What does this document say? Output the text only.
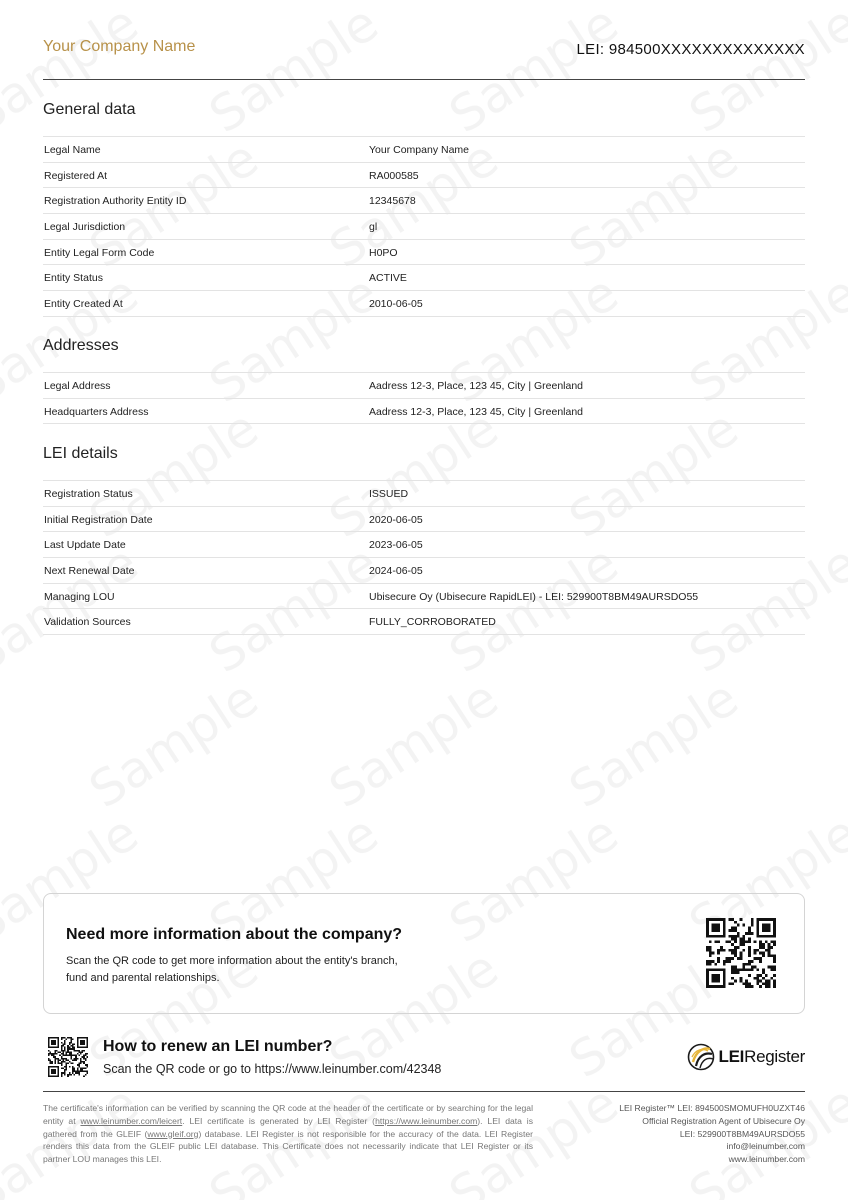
Your Company Name	LEI: 984500XXXXXXXXXXXXXX
General data
Legal Name	Your Company Name
Registered At	RA000585
Registration Authority Entity ID	12345678
Legal Jurisdiction	gl
Entity Legal Form Code	H0PO
Entity Status	ACTIVE
Entity Created At	2010-06-05
Addresses
Legal Address	Aadress 12-3, Place, 123 45, City | Greenland
Headquarters Address	Aadress 12-3, Place, 123 45, City | Greenland
LEI details
Registration Status	ISSUED
Initial Registration Date	2020-06-05
Last Update Date	2023-06-05
Next Renewal Date	2024-06-05
Managing LOU	Ubisecure Oy (Ubisecure RapidLEI) - LEI: 529900T8BM49AURSDO55
Validation Sources	FULLY_CORROBORATED
Need more information about the company?
Scan the QR code to get more information about the entity's branch, fund and parental relationships.
How to renew an LEI number?
Scan the QR code or go to https://www.leinumber.com/42348
LEIRegister
The certificate's information can be verified by scanning the QR code at the header of the certificate or by searching for the legal entity at www.leinumber.com/leicert. LEI certificate is generated by LEI Register (https://www.leinumber.com). LEI data is gathered from the GLEIF (www.gleif.org) database. LEI Register is not responsible for the accuracy of the data. LEI Register renders this data from the GLEIF public LEI database. This Certificate does not necessarily indicate that LEI Register or its partner LOU manages this LEI.
LEI Register™ LEI: 894500SMOMUFH0UZXT46
Official Registration Agent of Ubisecure Oy
LEI: 529900T8BM49AURSDO55
info@leinumber.com
www.leinumber.com
